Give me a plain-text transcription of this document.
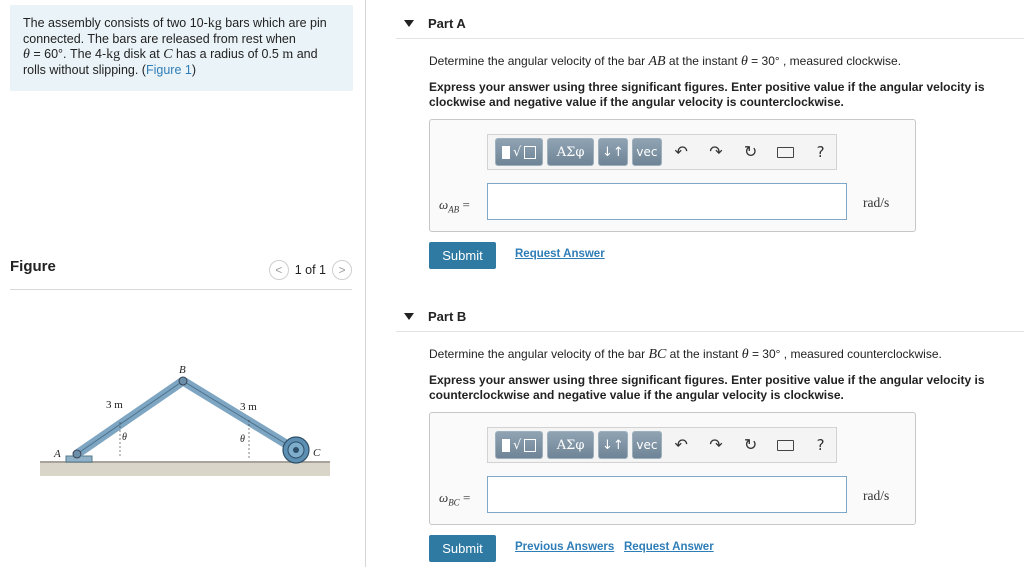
The assembly consists of two 10-kg bars which are pin
connected. The bars are released from rest when
θ = 60°. The 4-kg disk at C has a radius of 0.5 m and
rolls without slipping. (Figure 1)
Figure	<	1 of 1	>
A
B
C
3 m	3 m
θ	θ
Part A
Determine the angular velocity of the bar AB at the instant θ = 30° , measured clockwise.
Express your answer using three significant figures. Enter positive value if the angular velocity is clockwise and negative value if the angular velocity is counterclockwise.
√	ΑΣφ	↓↑	vec	↶	↷	↻	?
$\omega_{AB}$ =	rad/s
Submit	Request Answer
Part B
Determine the angular velocity of the bar BC at the instant θ = 30° , measured counterclockwise.
Express your answer using three significant figures. Enter positive value if the angular velocity is counterclockwise and negative value if the angular velocity is clockwise.
√	ΑΣφ	↓↑	vec	↶	↷	↻	?
$\omega_{BC}$ =	rad/s
Submit	Previous Answers Request Answer
